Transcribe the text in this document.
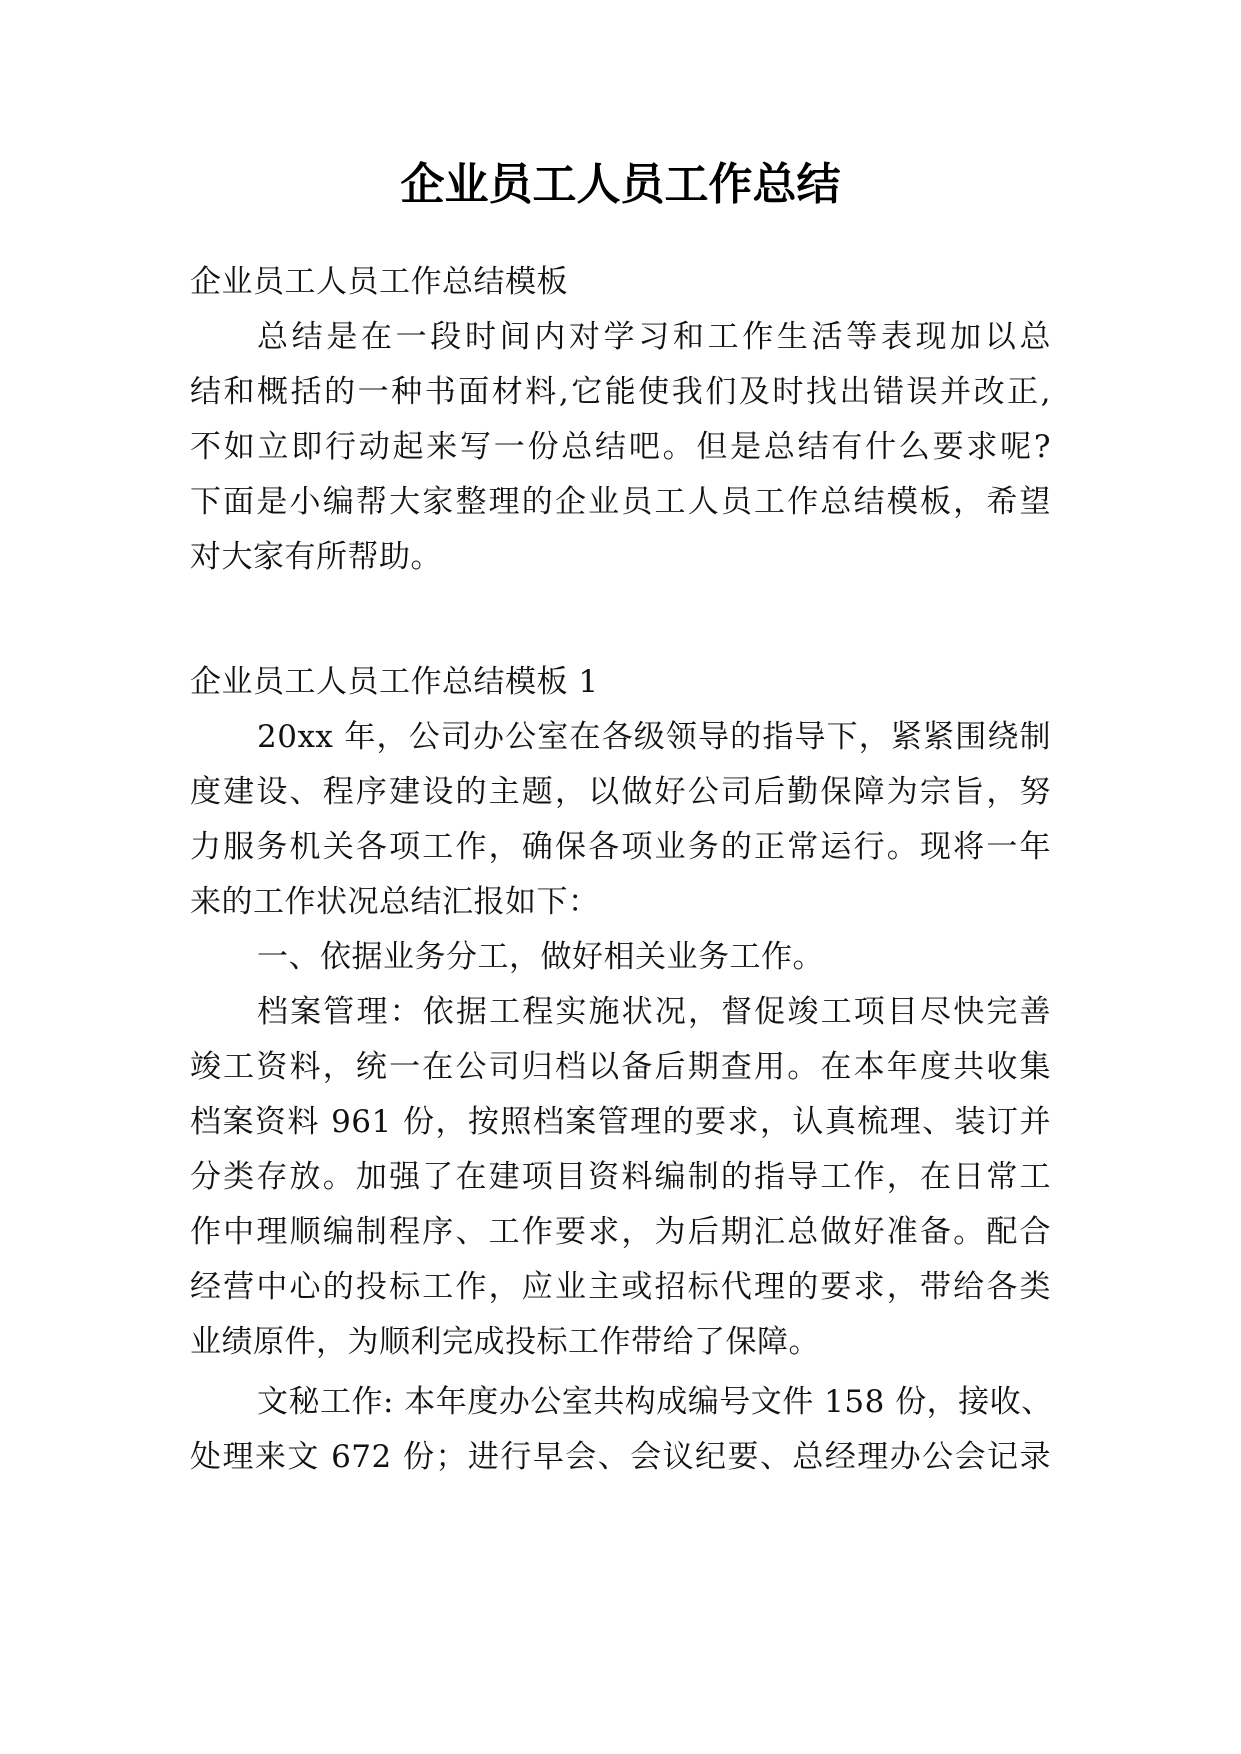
企业员工人员工作总结
企业员工人员工作总结模板
总结是在一段时间内对学习和工作生活等表现加以总
结和概括的一种书面材料,它能使我们及时找出错误并改正,
不如立即行动起来写一份总结吧。但是总结有什么要求呢?
下面是小编帮大家整理的企业员工人员工作总结模板，希望
对大家有所帮助。
企业员工人员工作总结模板 1
20xx 年，公司办公室在各级领导的指导下，紧紧围绕制
度建设、程序建设的主题，以做好公司后勤保障为宗旨，努
力服务机关各项工作，确保各项业务的正常运行。现将一年
来的工作状况总结汇报如下：
一、依据业务分工，做好相关业务工作。
档案管理：依据工程实施状况，督促竣工项目尽快完善
竣工资料，统一在公司归档以备后期查用。在本年度共收集
档案资料 961 份，按照档案管理的要求，认真梳理、装订并
分类存放。加强了在建项目资料编制的指导工作，在日常工
作中理顺编制程序、工作要求，为后期汇总做好准备。配合
经营中心的投标工作，应业主或招标代理的要求，带给各类
业绩原件，为顺利完成投标工作带给了保障。
文秘工作: 本年度办公室共构成编号文件 158 份，接收、
处理来文 672 份；进行早会、会议纪要、总经理办公会记录
